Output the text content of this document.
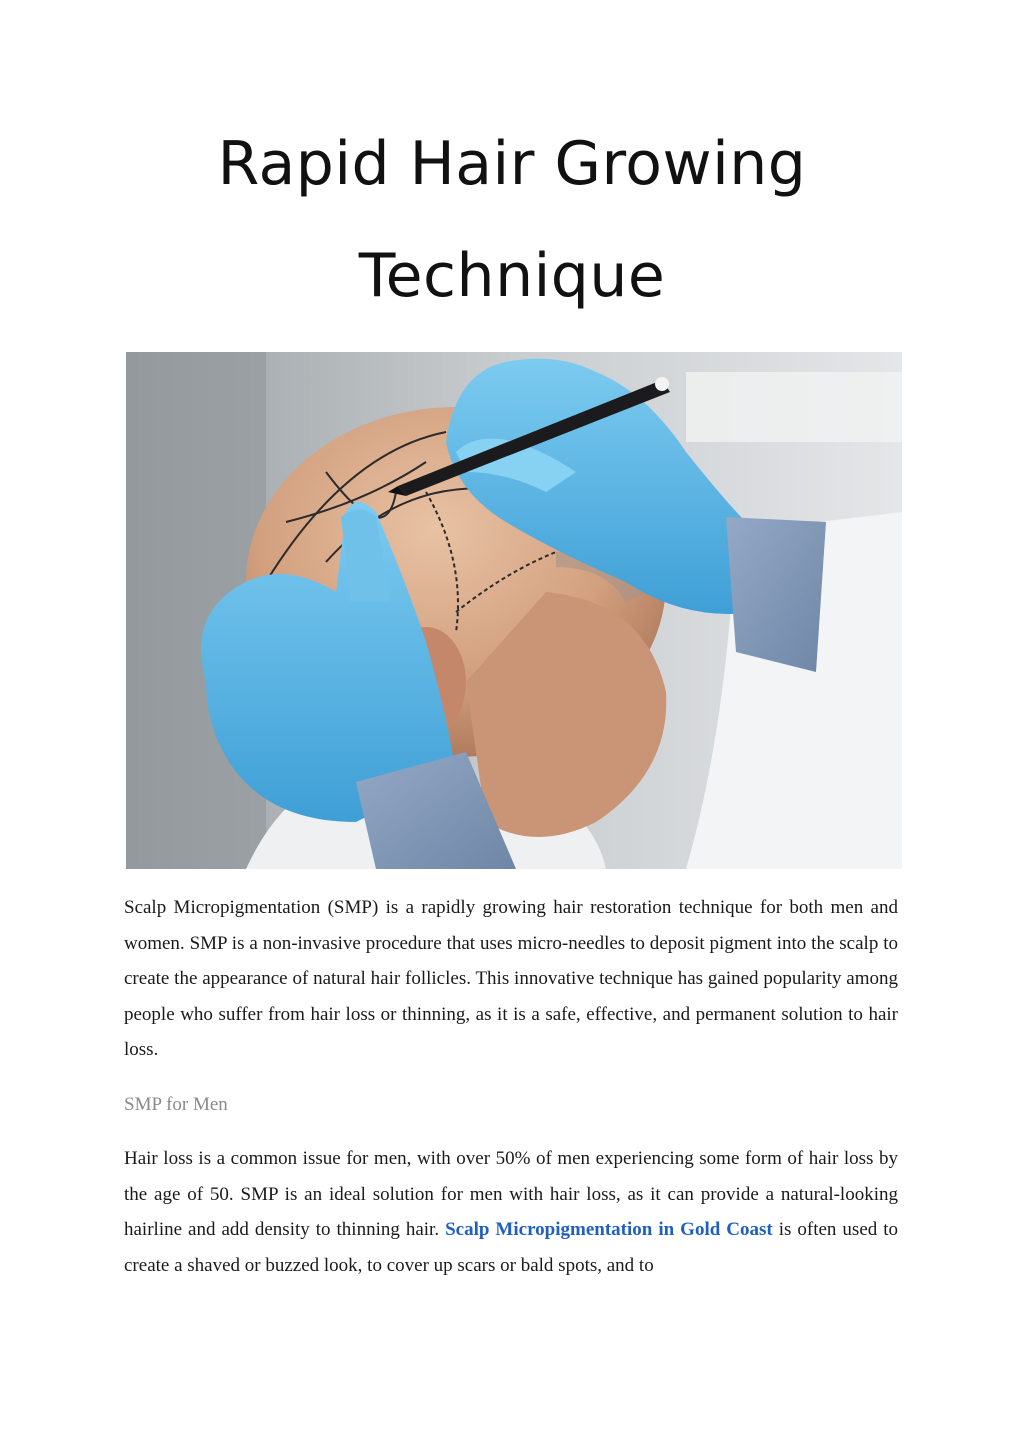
Rapid Hair Growing
Technique

Scalp Micropigmentation (SMP) is a rapidly growing hair restoration technique for both men and women. SMP is a non-invasive procedure that uses micro-needles to deposit pigment into the scalp to create the appearance of natural hair follicles. This innovative technique has gained popularity among people who suffer from hair loss or thinning, as it is a safe, effective, and permanent solution to hair loss.

SMP for Men

Hair loss is a common issue for men, with over 50% of men experiencing some form of hair loss by the age of 50. SMP is an ideal solution for men with hair loss, as it can provide a natural-looking hairline and add density to thinning hair. Scalp Micropigmentation in Gold Coast is often used to create a shaved or buzzed look, to cover up scars or bald spots, and to
